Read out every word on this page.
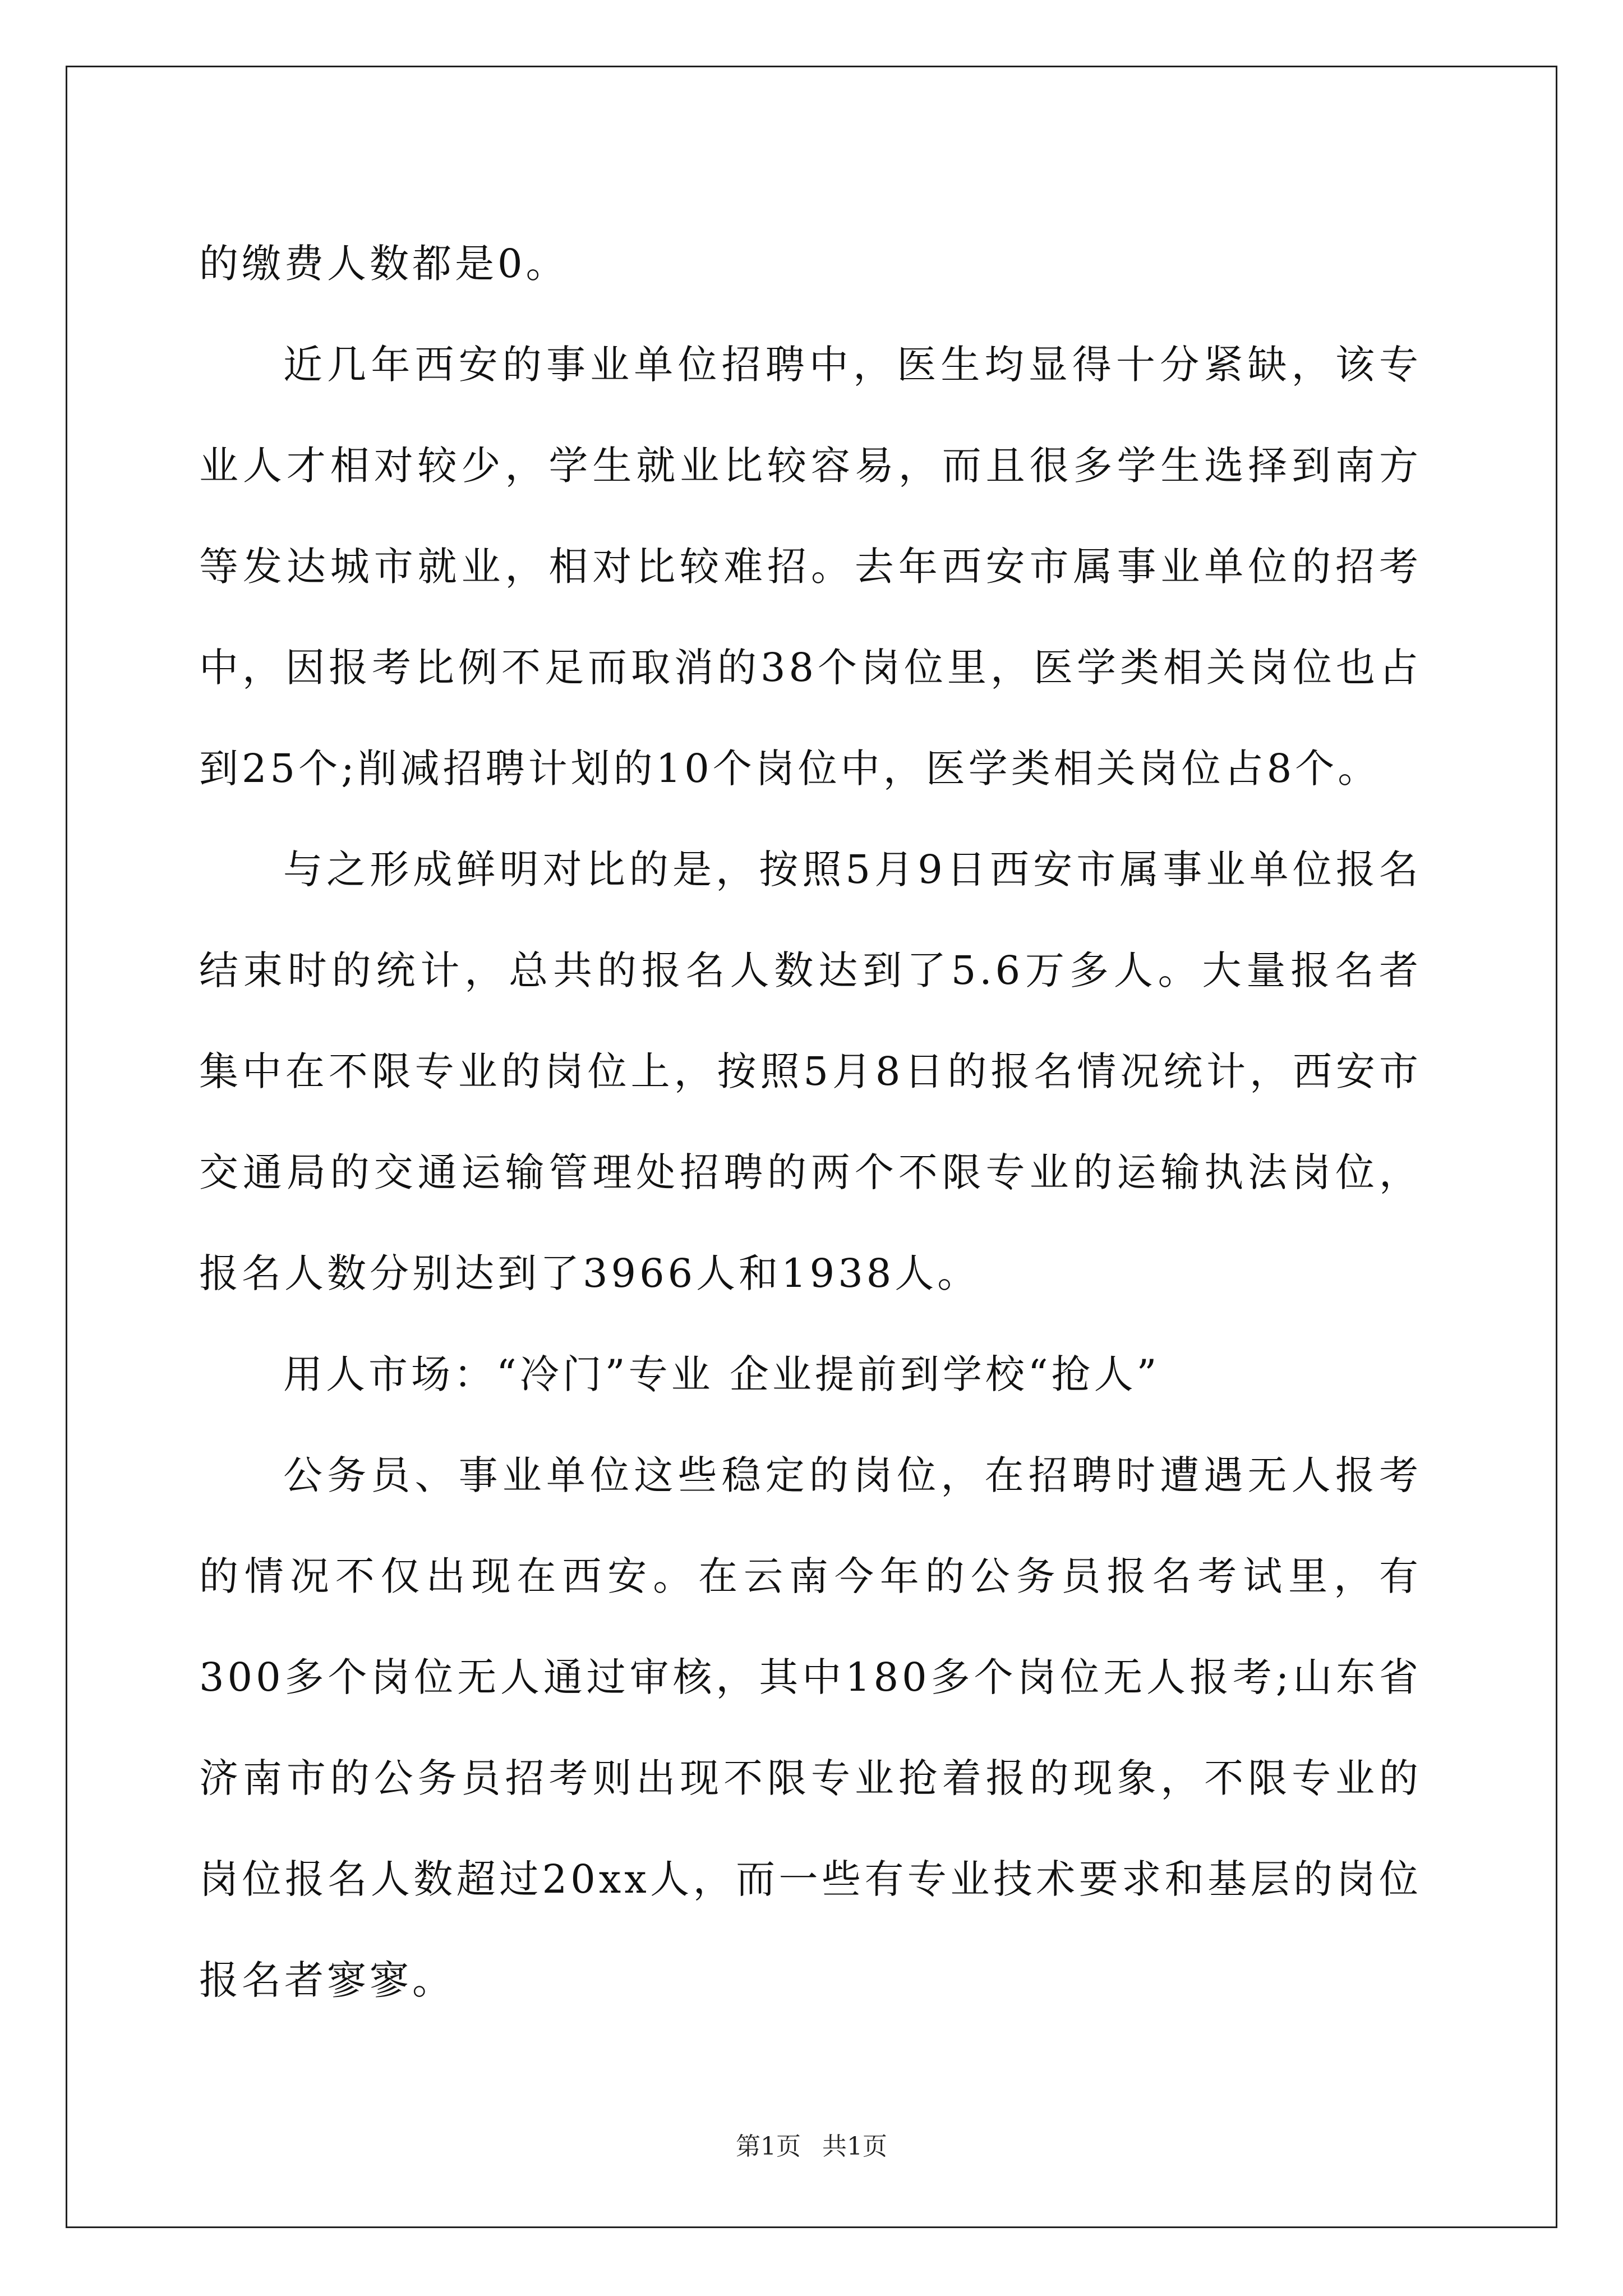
的缴费人数都是0。

近几年西安的事业单位招聘中，医生均显得十分紧缺，该专业人才相对较少，学生就业比较容易，而且很多学生选择到南方等发达城市就业，相对比较难招。去年西安市属事业单位的招考中，因报考比例不足而取消的38个岗位里，医学类相关岗位也占到25个;削减招聘计划的10个岗位中，医学类相关岗位占8个。

与之形成鲜明对比的是，按照5月9日西安市属事业单位报名结束时的统计，总共的报名人数达到了5.6万多人。大量报名者集中在不限专业的岗位上，按照5月8日的报名情况统计，西安市交通局的交通运输管理处招聘的两个不限专业的运输执法岗位，报名人数分别达到了3966人和1938人。

用人市场：“冷门”专业 企业提前到学校“抢人”

公务员、事业单位这些稳定的岗位，在招聘时遭遇无人报考的情况不仅出现在西安。在云南今年的公务员报名考试里，有300多个岗位无人通过审核，其中180多个岗位无人报考;山东省济南市的公务员招考则出现不限专业抢着报的现象，不限专业的岗位报名人数超过20xx人，而一些有专业技术要求和基层的岗位报名者寥寥。

第1页 共1页
